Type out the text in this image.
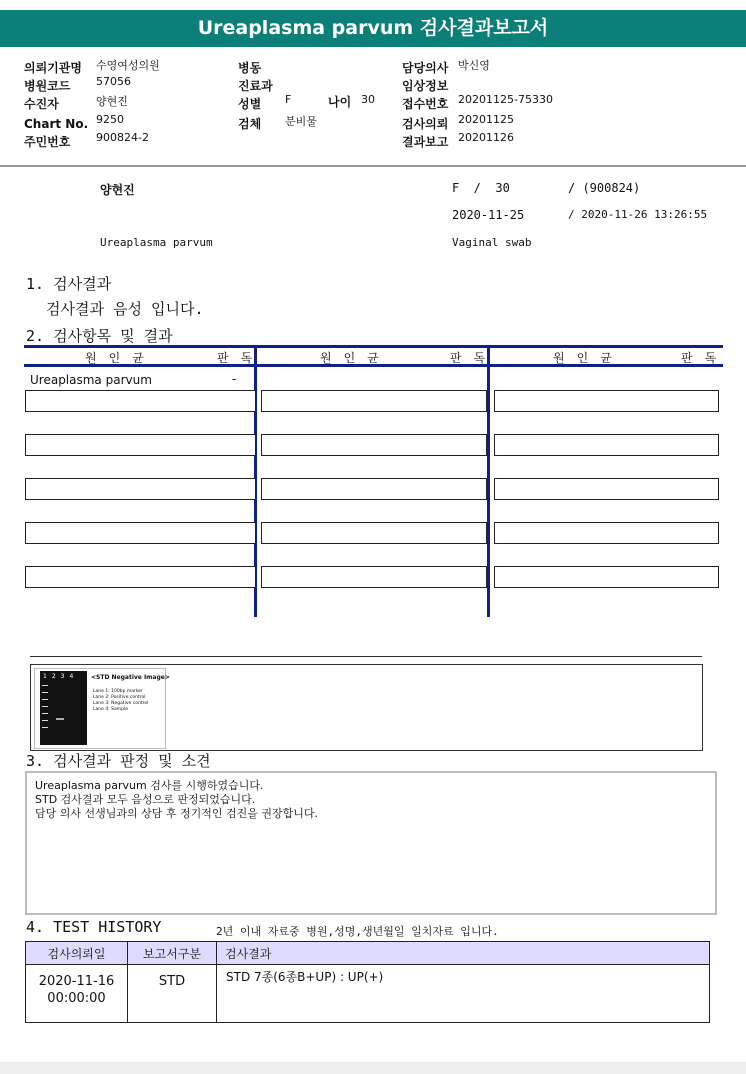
Ureaplasma parvum 검사결과보고서
의뢰기관명 수영여성의원
병원코드 57056
수진자	양현진
Chart No. 9250
주민번호 900824-2
병동
진료과
성별 F	나이 30
검체 분비물
담당의사 박신영
임상정보
접수번호 20201125-75330
검사의뢰 20201125
결과보고 20201126
양현진	F  /  30	/ (900824)
2020-11-25	/ 2020-11-26 13:26:55
Ureaplasma parvum	Vaginal swab
1. 검사결과
검사결과 음성 입니다.
2. 검사항목 및 결과
원인균	판독	원인균	판독	원인균	판독
Ureaplasma parvum	-
1234 <STD Negative Image>
Lane 1: 100bp marker
Lane 2: Positive control
Lane 3: Negative control
Lane 4: Sample
3. 검사결과 판정 및 소견
Ureaplasma parvum 검사를 시행하였습니다.
STD 검사결과 모두 음성으로 판정되었습니다.
담당 의사 선생님과의 상담 후 정기적인 검진을 권장합니다.
4. TEST HISTORY	2년 이내 자료중 병원,성명,생년월일 일치자료 입니다.
검사의뢰일	보고서구분	검사결과

2020-11-16
00:00:00	STD	STD 7종(6종B+UP) : UP(+)
